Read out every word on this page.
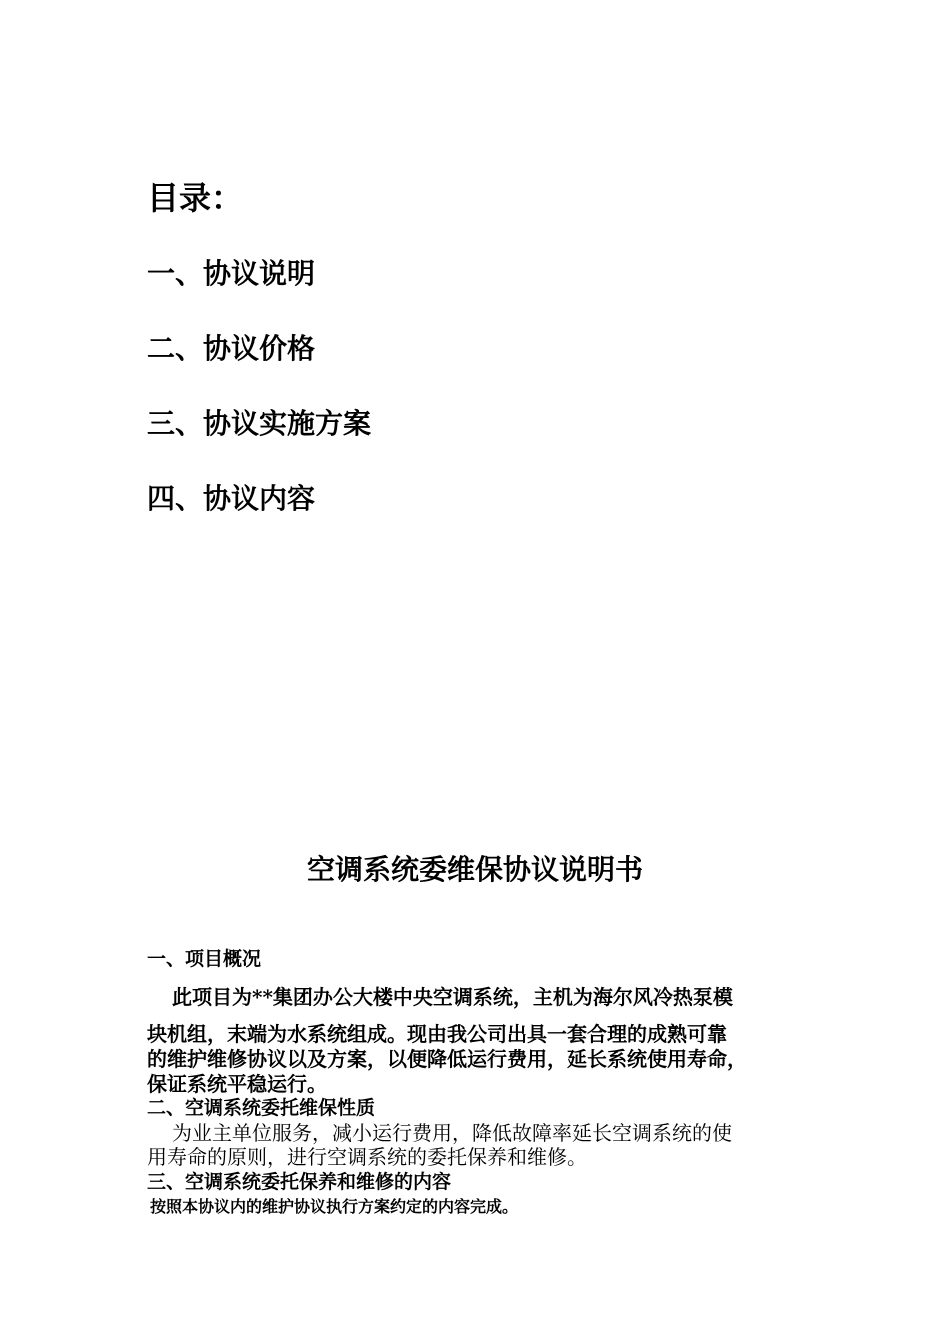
目录：
一、协议说明
二、协议价格
三、协议实施方案
四、协议内容
空调系统委维保协议说明书
一、项目概况
　此项目为**集团办公大楼中央空调系统，主机为海尔风冷热泵模
块机组，末端为水系统组成。现由我公司出具一套合理的成熟可靠
的维护维修协议以及方案，以便降低运行费用，延长系统使用寿命，
保证系统平稳运行。
二、空调系统委托维保性质
　为业主单位服务，减小运行费用，降低故障率延长空调系统的使
用寿命的原则，进行空调系统的委托保养和维修。
三、空调系统委托保养和维修的内容
按照本协议内的维护协议执行方案约定的内容完成。
